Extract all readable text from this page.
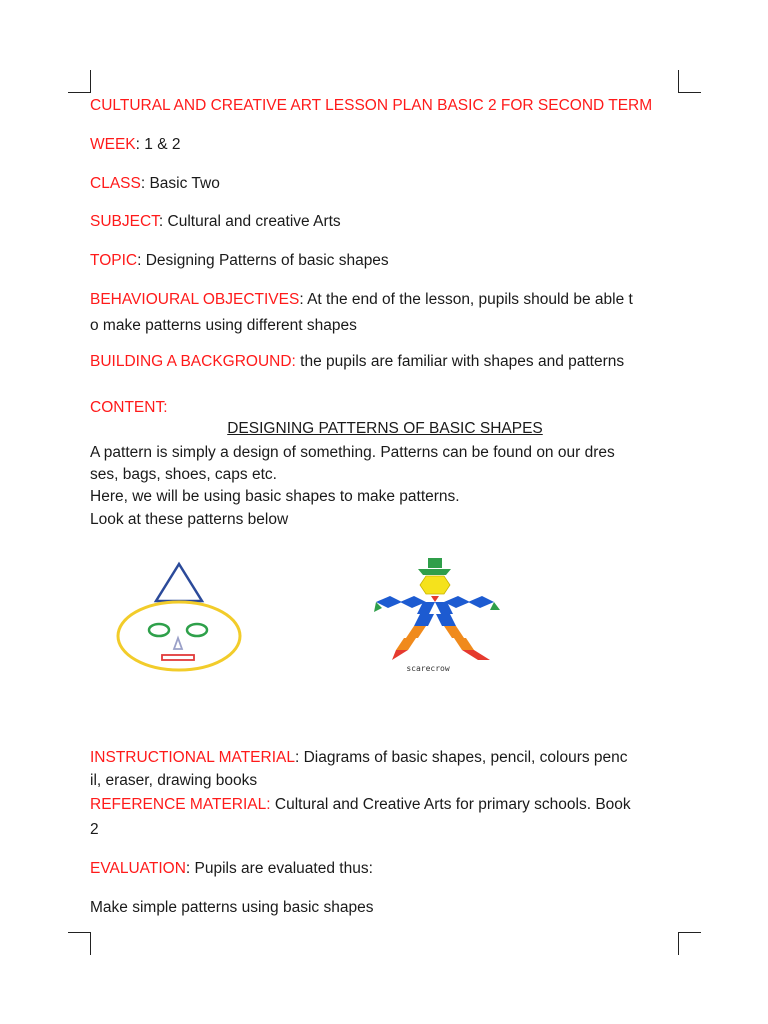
CULTURAL AND CREATIVE ART LESSON PLAN BASIC 2 FOR SECOND TERM
WEEK: 1 & 2
CLASS: Basic Two
SUBJECT: Cultural and creative Arts
TOPIC: Designing Patterns of basic shapes
BEHAVIOURAL OBJECTIVES: At the end of the lesson, pupils should be able t
o make patterns using different shapes
BUILDING A BACKGROUND: the pupils are familiar with shapes and patterns
CONTENT:
DESIGNING PATTERNS OF BASIC SHAPES
A pattern is simply a design of something. Patterns can be found on our dres
ses, bags, shoes, caps etc.
Here, we will be using basic shapes to make patterns.
Look at these patterns below
scarecrow
INSTRUCTIONAL MATERIAL: Diagrams of basic shapes, pencil, colours penc
il, eraser, drawing books
REFERENCE MATERIAL: Cultural and Creative Arts for primary schools. Book
2
EVALUATION: Pupils are evaluated thus:
Make simple patterns using basic shapes
